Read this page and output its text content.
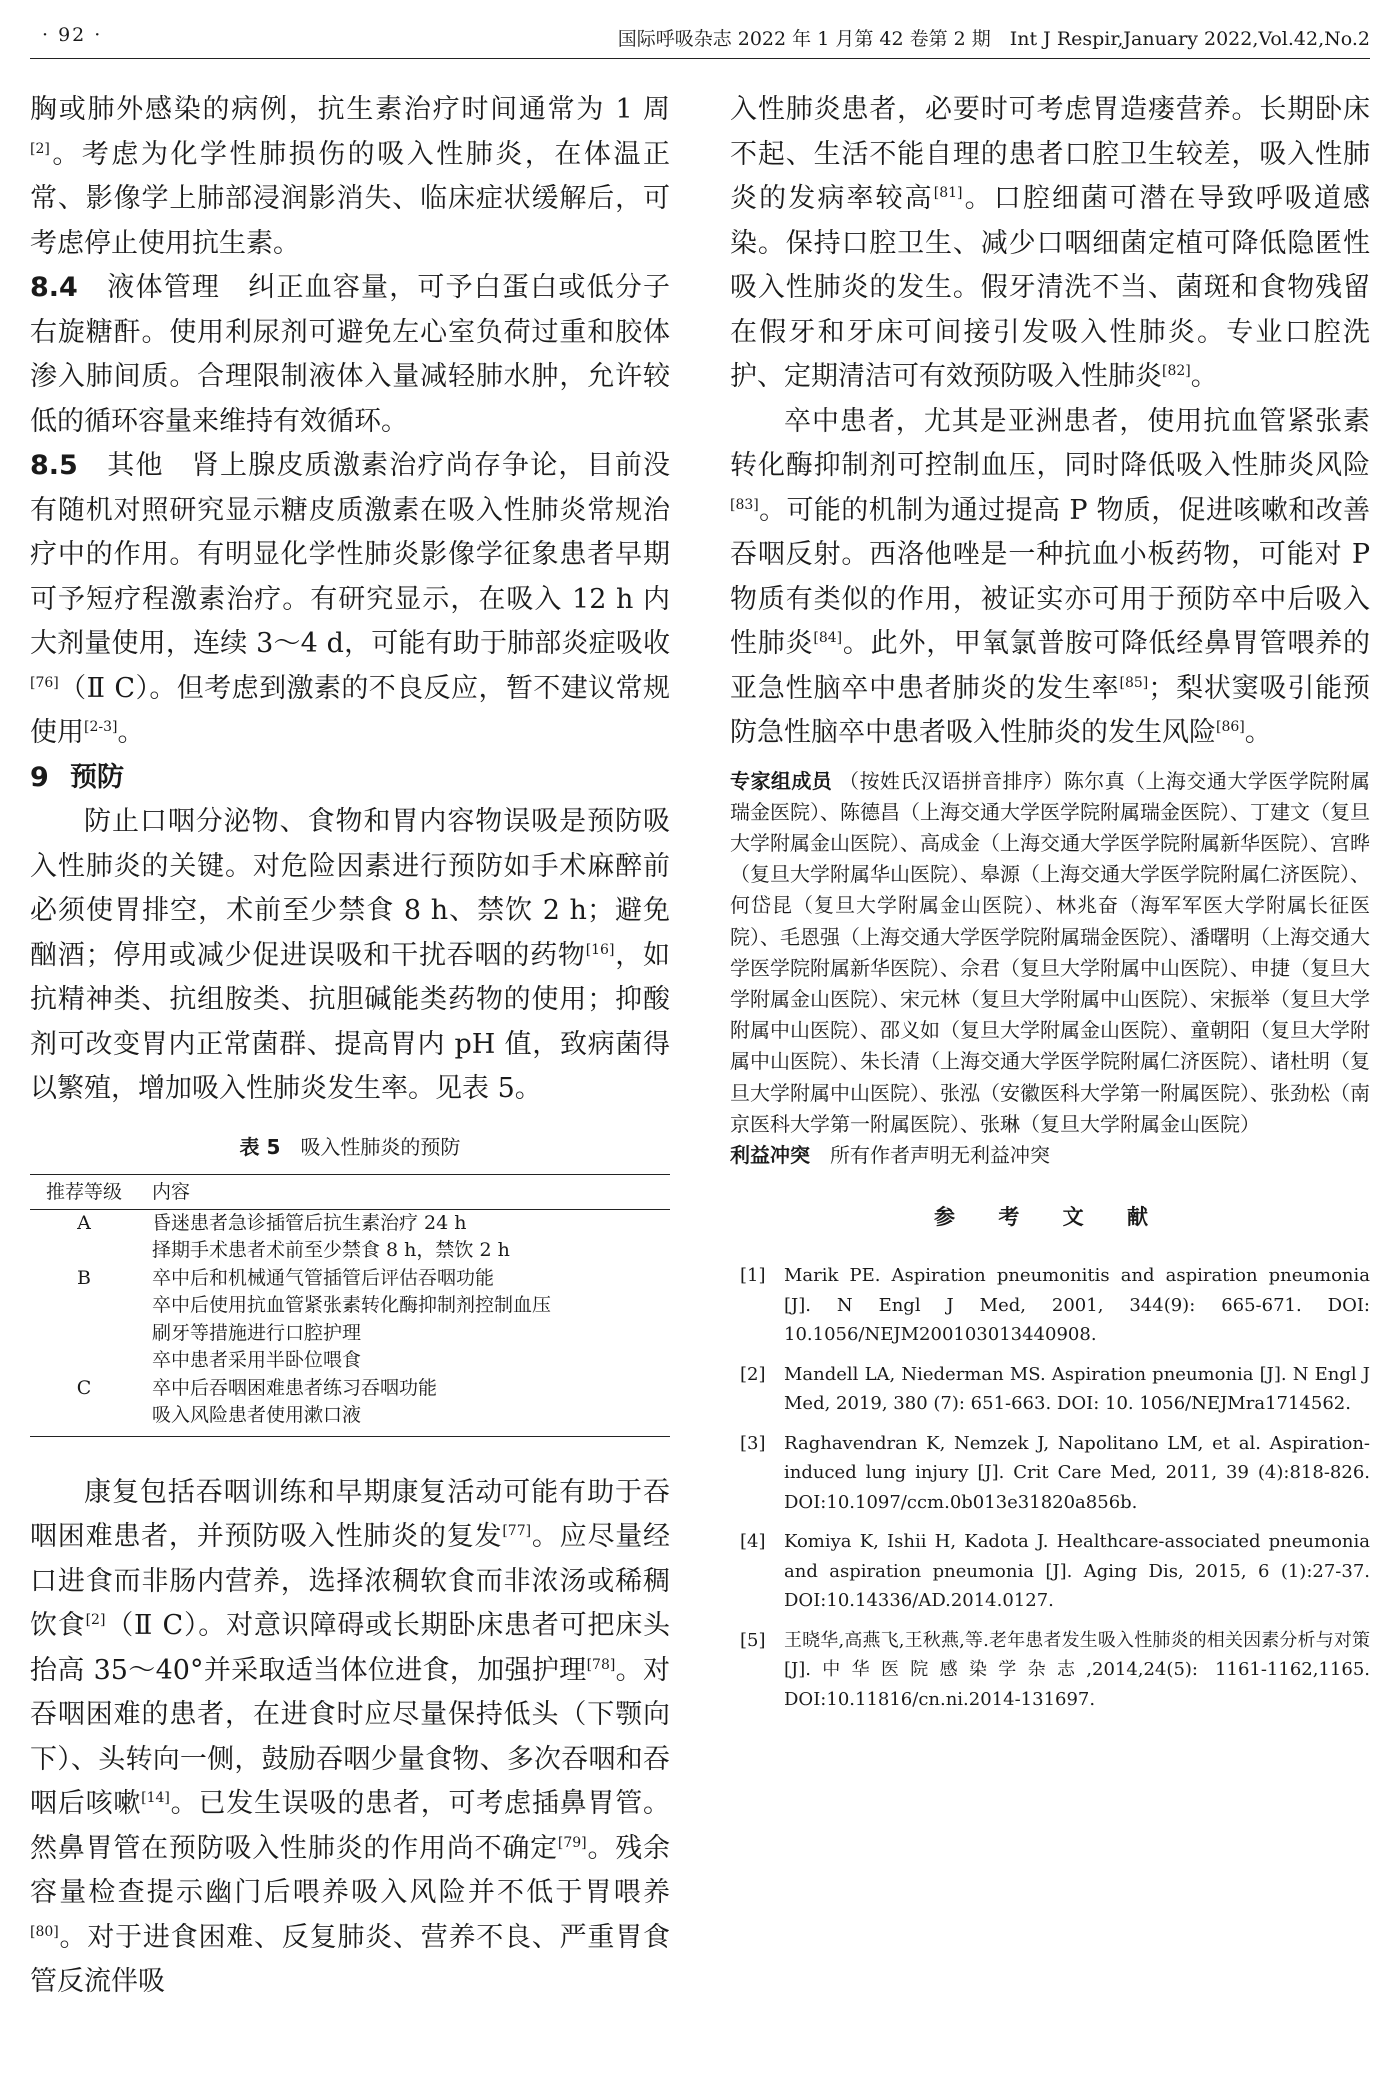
· 92 ·	国际呼吸杂志 2022 年 1 月第 42 卷第 2 期　Int J Respir,January 2022,Vol.42,No.2

胸或肺外感染的病例，抗生素治疗时间通常为 1 周[2]。考虑为化学性肺损伤的吸入性肺炎，在体温正常、影像学上肺部浸润影消失、临床症状缓解后，可考虑停止使用抗生素。

8.4　 液体管理　 纠正血容量，可予白蛋白或低分子右旋糖酐。使用利尿剂可避免左心室负荷过重和胶体渗入肺间质。合理限制液体入量减轻肺水肿，允许较低的循环容量来维持有效循环。

8.5　 其他　 肾上腺皮质激素治疗尚存争论，目前没有随机对照研究显示糖皮质激素在吸入性肺炎常规治疗中的作用。有明显化学性肺炎影像学征象患者早期可予短疗程激素治疗。有研究显示，在吸入 12 h 内大剂量使用，连续 3～4 d，可能有助于肺部炎症吸收[76]（Ⅱ C）。但考虑到激素的不良反应，暂不建议常规使用[2-3]。

9 预防

防止口咽分泌物、食物和胃内容物误吸是预防吸入性肺炎的关键。对危险因素进行预防如手术麻醉前必须使胃排空，术前至少禁食 8 h、禁饮 2 h；避免酗酒；停用或减少促进误吸和干扰吞咽的药物[16]，如抗精神类、抗组胺类、抗胆碱能类药物的使用；抑酸剂可改变胃内正常菌群、提高胃内 pH 值，致病菌得以繁殖，增加吸入性肺炎发生率。见表 5。

表 5 吸入性肺炎的预防
推荐等级	内容
A	昏迷患者急诊插管后抗生素治疗 24 h
	择期手术患者术前至少禁食 8 h，禁饮 2 h
B	卒中后和机械通气管插管后评估吞咽功能
	卒中后使用抗血管紧张素转化酶抑制剂控制血压
	刷牙等措施进行口腔护理
	卒中患者采用半卧位喂食
C	卒中后吞咽困难患者练习吞咽功能
	吸入风险患者使用漱口液

康复包括吞咽训练和早期康复活动可能有助于吞咽困难患者，并预防吸入性肺炎的复发[77]。应尽量经口进食而非肠内营养，选择浓稠软食而非浓汤或稀稠饮食[2]（Ⅱ C）。对意识障碍或长期卧床患者可把床头抬高 35～40°并采取适当体位进食，加强护理[78]。对吞咽困难的患者，在进食时应尽量保持低头（下颚向下）、头转向一侧，鼓励吞咽少量食物、多次吞咽和吞咽后咳嗽[14]。已发生误吸的患者，可考虑插鼻胃管。然鼻胃管在预防吸入性肺炎的作用尚不确定[79]。残余容量检查提示幽门后喂养吸入风险并不低于胃喂养[80]。对于进食困难、反复肺炎、营养不良、严重胃食管反流伴吸

入性肺炎患者，必要时可考虑胃造瘘营养。长期卧床不起、生活不能自理的患者口腔卫生较差，吸入性肺炎的发病率较高[81]。口腔细菌可潜在导致呼吸道感染。保持口腔卫生、减少口咽细菌定植可降低隐匿性吸入性肺炎的发生。假牙清洗不当、菌斑和食物残留在假牙和牙床可间接引发吸入性肺炎。专业口腔洗护、定期清洁可有效预防吸入性肺炎[82]。

卒中患者，尤其是亚洲患者，使用抗血管紧张素转化酶抑制剂可控制血压，同时降低吸入性肺炎风险[83]。可能的机制为通过提高 P 物质，促进咳嗽和改善吞咽反射。西洛他唑是一种抗血小板药物，可能对 P 物质有类似的作用，被证实亦可用于预防卒中后吸入性肺炎[84]。此外，甲氧氯普胺可降低经鼻胃管喂养的亚急性脑卒中患者肺炎的发生率[85]；梨状窦吸引能预防急性脑卒中患者吸入性肺炎的发生风险[86]。

专家组成员 （按姓氏汉语拼音排序）陈尔真（上海交通大学医学院附属瑞金医院）、陈德昌（上海交通大学医学院附属瑞金医院）、丁建文（复旦大学附属金山医院）、高成金（上海交通大学医学院附属新华医院）、宫晔（复旦大学附属华山医院）、皋源（上海交通大学医学院附属仁济医院）、何岱昆（复旦大学附属金山医院）、林兆奋（海军军医大学附属长征医院）、毛恩强（上海交通大学医学院附属瑞金医院）、潘曙明（上海交通大学医学院附属新华医院）、佘君（复旦大学附属中山医院）、申捷（复旦大学附属金山医院）、宋元林（复旦大学附属中山医院）、宋振举（复旦大学附属中山医院）、邵义如（复旦大学附属金山医院）、童朝阳（复旦大学附属中山医院）、朱长清（上海交通大学医学院附属仁济医院）、诸杜明（复旦大学附属中山医院）、张泓（安徽医科大学第一附属医院）、张劲松（南京医科大学第一附属医院）、张琳（复旦大学附属金山医院）
利益冲突　 所有作者声明无利益冲突
参 考 文 献
[1] Marik PE. Aspiration pneumonitis and aspiration pneumonia [J]. N Engl J Med, 2001, 344(9): 665-671. DOI: 10.1056/NEJM200103013440908.
[2] Mandell LA, Niederman MS. Aspiration pneumonia [J]. N Engl J Med, 2019, 380 (7): 651-663. DOI: 10. 1056/NEJMra1714562.
[3] Raghavendran K, Nemzek J, Napolitano LM, et al. Aspiration-induced lung injury [J]. Crit Care Med, 2011, 39 (4):818-826. DOI:10.1097/ccm.0b013e31820a856b.
[4] Komiya K, Ishii H, Kadota J. Healthcare-associated pneumonia and aspiration pneumonia [J]. Aging Dis, 2015, 6 (1):27-37. DOI:10.14336/AD.2014.0127.
[5] 王晓华,高燕飞,王秋燕,等.老年患者发生吸入性肺炎的相关因素分析与对策[J].中华医院感染学杂志,2014,24(5): 1161-1162,1165. DOI:10.11816/cn.ni.2014-131697.
